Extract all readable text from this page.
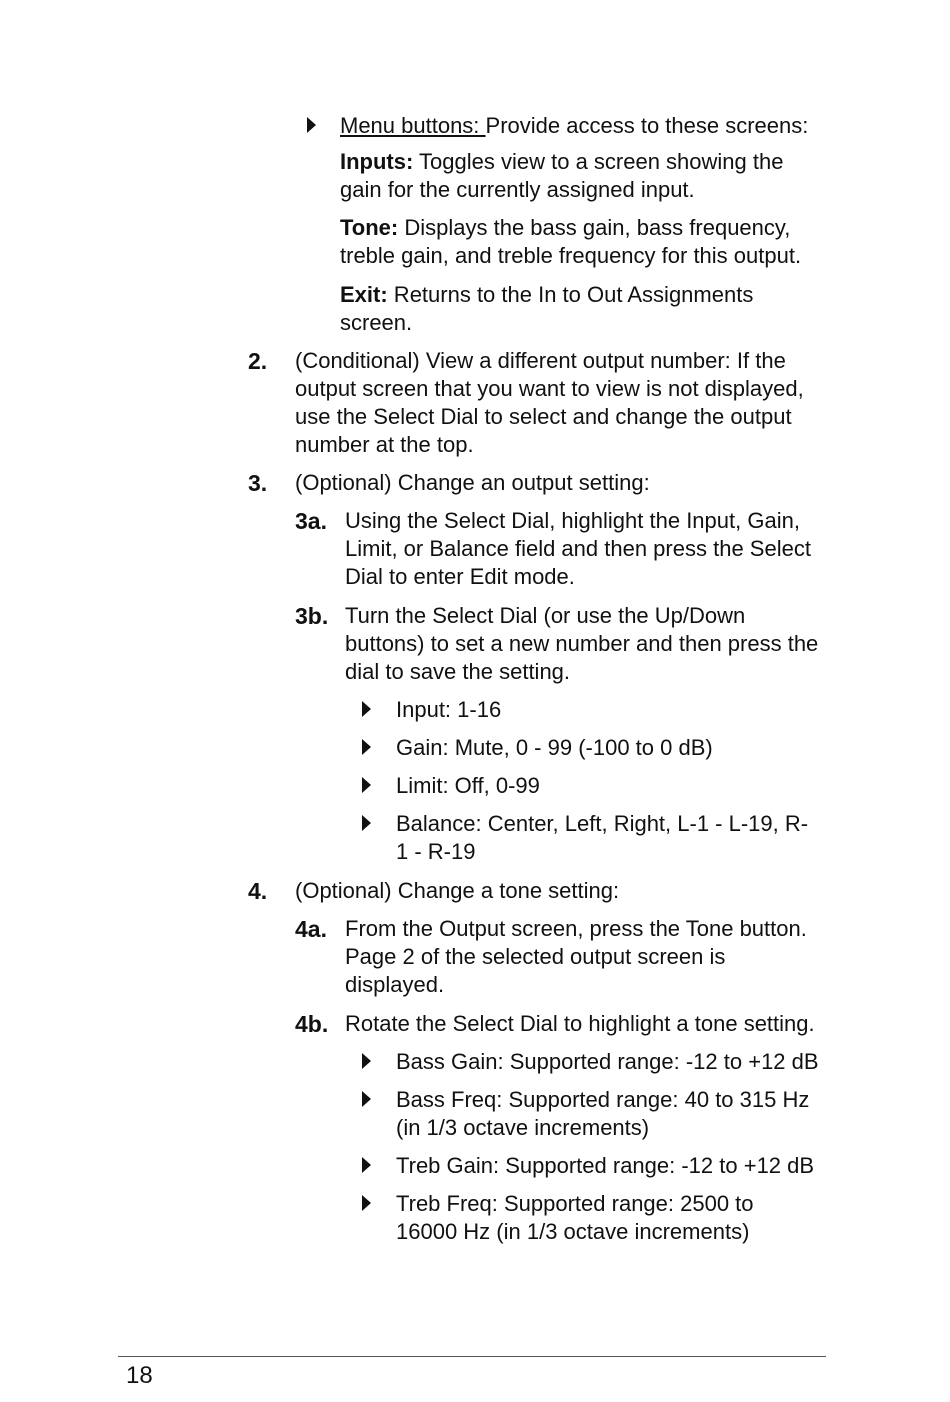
Menu buttons: Provide access to these screens:
Inputs: Toggles view to a screen showing the
gain for the currently assigned input.
Tone: Displays the bass gain, bass frequency,
treble gain, and treble frequency for this output.
Exit: Returns to the In to Out Assignments
screen.
2. (Conditional) View a different output number: If the
output screen that you want to view is not displayed,
use the Select Dial to select and change the output
number at the top.
3. (Optional) Change an output setting:
3a. Using the Select Dial, highlight the Input, Gain,
Limit, or Balance field and then press the Select
Dial to enter Edit mode.
3b. Turn the Select Dial (or use the Up/Down
buttons) to set a new number and then press the
dial to save the setting.
Input: 1-16
Gain: Mute, 0 - 99 (-100 to 0 dB)
Limit: Off, 0-99
Balance: Center, Left, Right, L-1 - L-19, R-
1 - R-19
4. (Optional) Change a tone setting:
4a. From the Output screen, press the Tone button.
Page 2 of the selected output screen is
displayed.
4b. Rotate the Select Dial to highlight a tone setting.
Bass Gain: Supported range: -12 to +12 dB
Bass Freq: Supported range: 40 to 315 Hz
(in 1/3 octave increments)
Treb Gain: Supported range: -12 to +12 dB
Treb Freq: Supported range: 2500 to
16000 Hz (in 1/3 octave increments)
18
